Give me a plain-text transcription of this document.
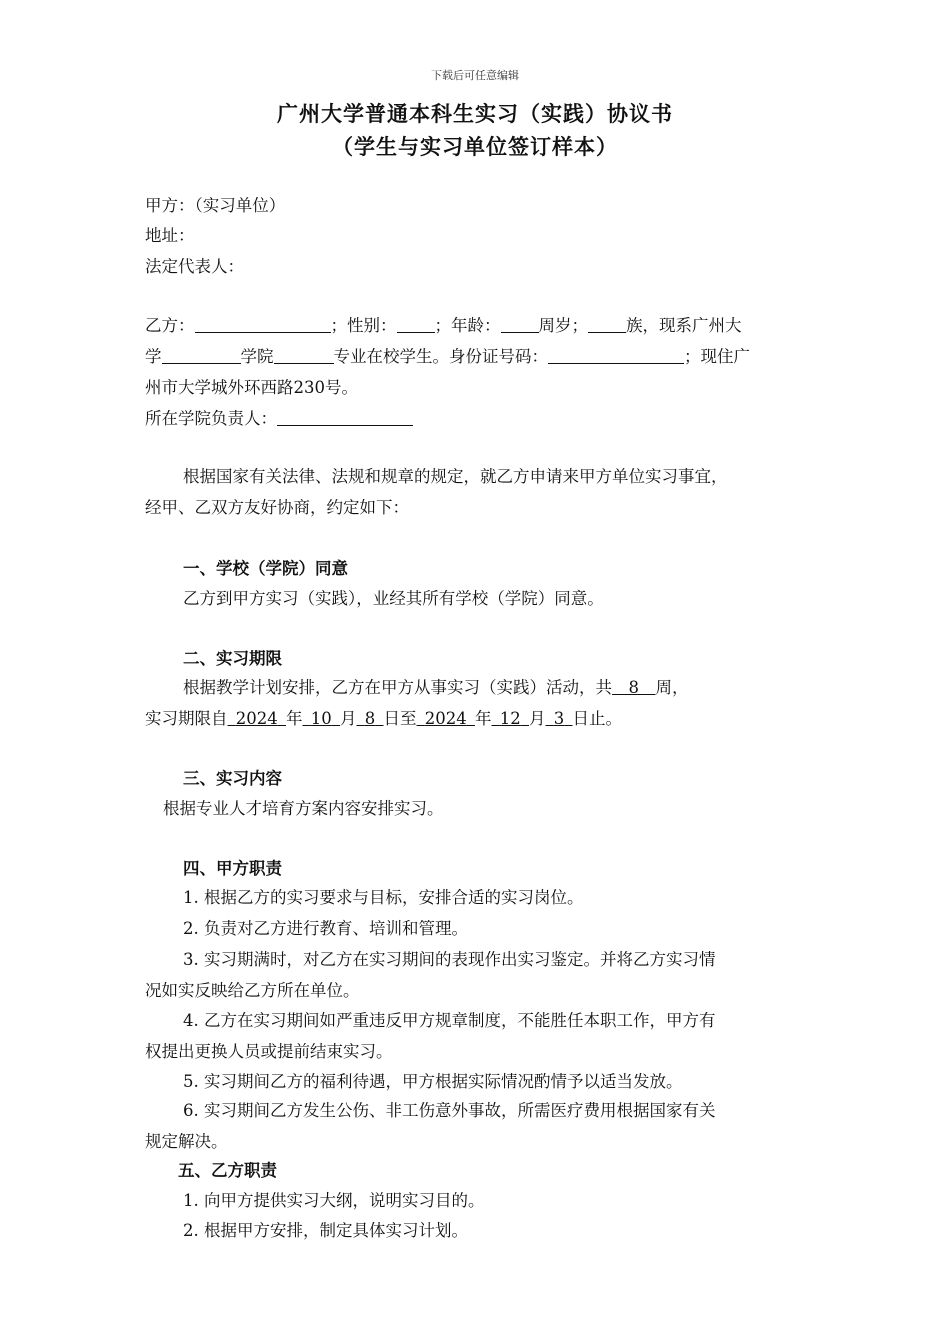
下载后可任意编辑
广州大学普通本科生实习（实践）协议书
（学生与实习单位签订样本）
甲方：（实习单位）
地址：
法定代表人：
乙方：	；性别： ；年龄： 周岁； 族，现系广州大
学	学院	专业在校学生。身份证号码：	；现住广
州市大学城外环西路230号。
所在学院负责人：
根据国家有关法律、法规和规章的规定，就乙方申请来甲方单位实习事宜，
经甲、乙双方友好协商，约定如下：
一、学校（学院）同意
乙方到甲方实习（实践），业经其所有学校（学院）同意。
二、实习期限
根据教学计划安排，乙方在甲方从事实习（实践）活动，共  8  周，
实习期限自  2024  年  10  月  8  日至  2024  年  12  月  3  日止。
三、实习内容
根据专业人才培育方案内容安排实习。
四、甲方职责
1. 根据乙方的实习要求与目标，安排合适的实习岗位。
2. 负责对乙方进行教育、培训和管理。
3. 实习期满时，对乙方在实习期间的表现作出实习鉴定。并将乙方实习情
况如实反映给乙方所在单位。
4. 乙方在实习期间如严重违反甲方规章制度，不能胜任本职工作，甲方有
权提出更换人员或提前结束实习。
5. 实习期间乙方的福利待遇，甲方根据实际情况酌情予以适当发放。
6. 实习期间乙方发生公伤、非工伤意外事故，所需医疗费用根据国家有关
规定解决。
五、乙方职责
1. 向甲方提供实习大纲，说明实习目的。
2. 根据甲方安排，制定具体实习计划。
